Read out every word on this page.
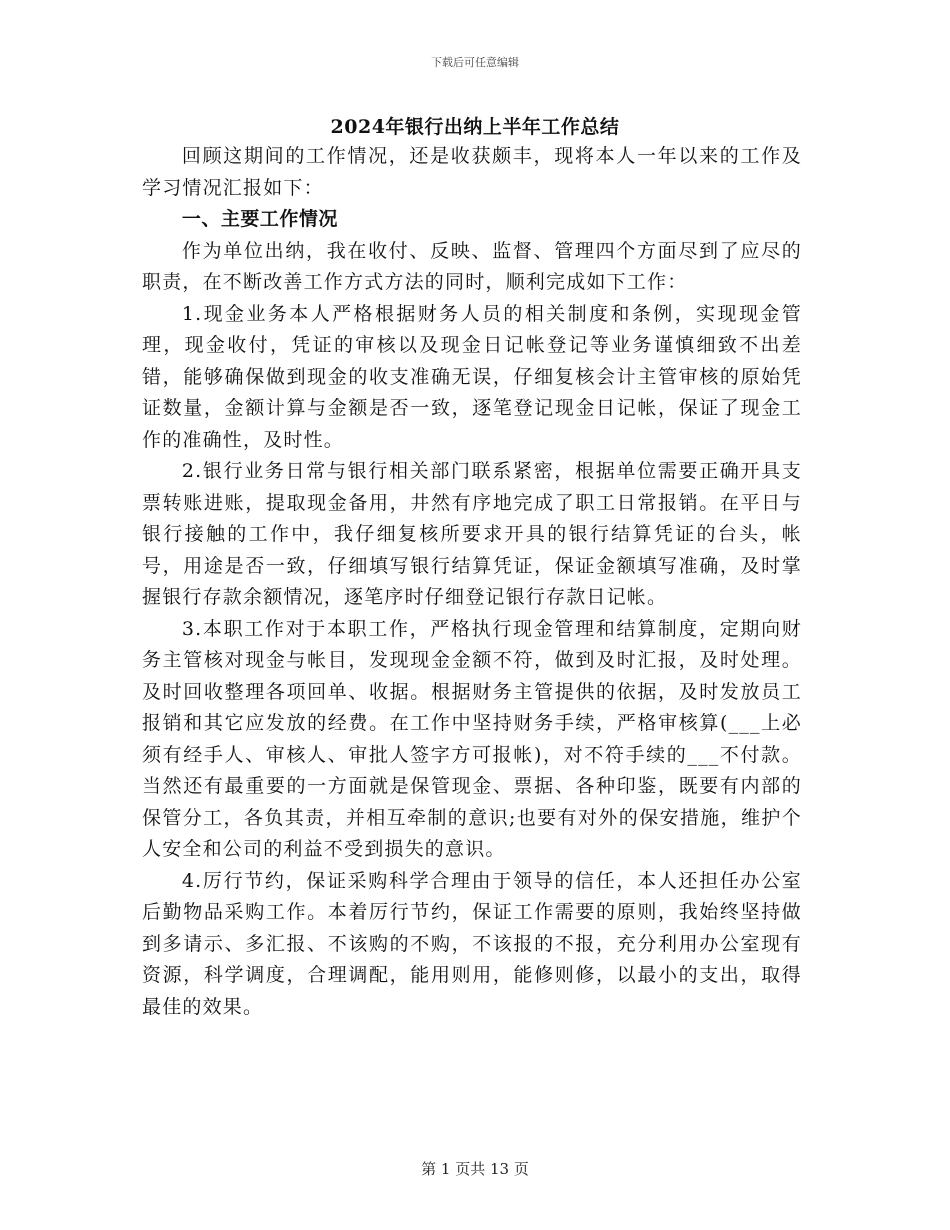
下载后可任意编辑
2024年银行出纳上半年工作总结

回顾这期间的工作情况，还是收获颇丰，现将本人一年以来的工作及学习情况汇报如下：

一、主要工作情况

作为单位出纳，我在收付、反映、监督、管理四个方面尽到了应尽的职责，在不断改善工作方式方法的同时，顺利完成如下工作：

1.现金业务本人严格根据财务人员的相关制度和条例，实现现金管理，现金收付，凭证的审核以及现金日记帐登记等业务谨慎细致不出差错，能够确保做到现金的收支准确无误，仔细复核会计主管审核的原始凭证数量，金额计算与金额是否一致，逐笔登记现金日记帐，保证了现金工作的准确性，及时性。

2.银行业务日常与银行相关部门联系紧密，根据单位需要正确开具支票转账进账，提取现金备用，井然有序地完成了职工日常报销。在平日与银行接触的工作中，我仔细复核所要求开具的银行结算凭证的台头，帐号，用途是否一致，仔细填写银行结算凭证，保证金额填写准确，及时掌握银行存款余额情况，逐笔序时仔细登记银行存款日记帐。

3.本职工作对于本职工作，严格执行现金管理和结算制度，定期向财务主管核对现金与帐目，发现现金金额不符，做到及时汇报，及时处理。及时回收整理各项回单、收据。根据财务主管提供的依据，及时发放员工报销和其它应发放的经费。在工作中坚持财务手续，严格审核算(___上必须有经手人、审核人、审批人签字方可报帐)，对不符手续的___不付款。当然还有最重要的一方面就是保管现金、票据、各种印鉴，既要有内部的保管分工，各负其责，并相互牵制的意识;也要有对外的保安措施，维护个人安全和公司的利益不受到损失的意识。

4.厉行节约，保证采购科学合理由于领导的信任，本人还担任办公室后勤物品采购工作。本着厉行节约，保证工作需要的原则，我始终坚持做到多请示、多汇报、不该购的不购，不该报的不报，充分利用办公室现有资源，科学调度，合理调配，能用则用，能修则修，以最小的支出，取得最佳的效果。

第 1 页共 13 页
